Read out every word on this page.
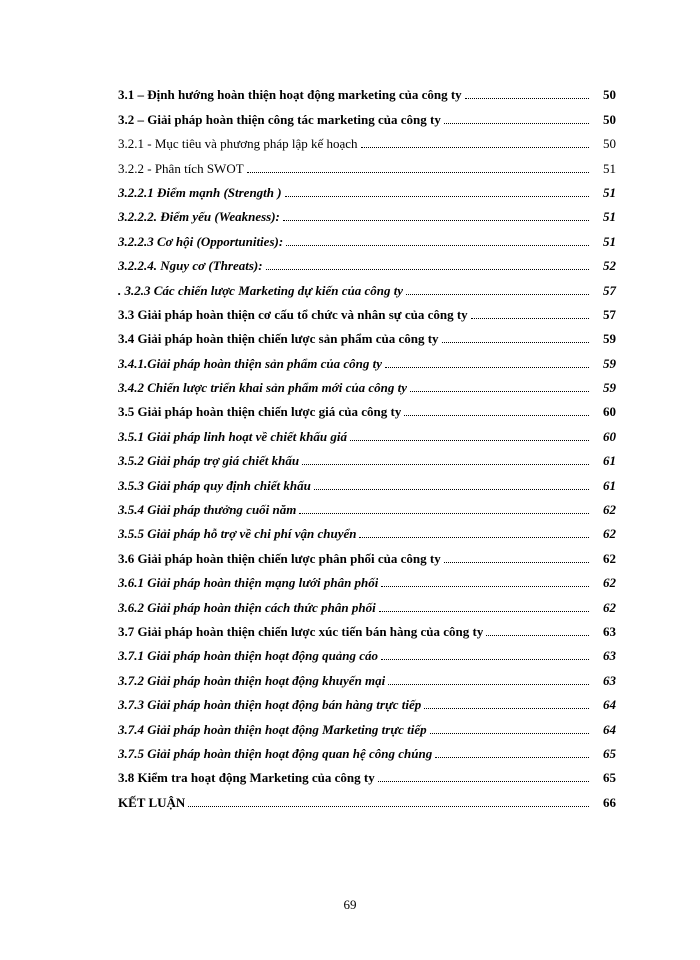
3.1 – Định hướng hoàn thiện hoạt động marketing của công ty	50
3.2 – Giải pháp hoàn thiện công tác marketing của công ty	50
3.2.1 - Mục tiêu và phương pháp lập kế hoạch	50
3.2.2 - Phân tích SWOT	51
3.2.2.1 Điểm mạnh (Strength )	51
3.2.2.2. Điểm yếu (Weakness):	51
3.2.2.3 Cơ hội (Opportunities):	51
3.2.2.4. Nguy cơ (Threats):	52
. 3.2.3 Các chiến lược Marketing dự kiến của công ty	57
3.3 Giải pháp hoàn thiện cơ cấu tổ chức và nhân sự của công ty	57
3.4 Giải pháp hoàn thiện chiến lược sản phẩm của công ty	59
3.4.1.Giải pháp hoàn thiện sản phẩm của công ty	59
3.4.2 Chiến lược triển khai sản phẩm mới của công ty	59
3.5 Giải pháp hoàn thiện chiến lược giá của công ty	60
3.5.1 Giải pháp linh hoạt về chiết khấu giá	60
3.5.2 Giải pháp trợ giá chiết khấu	61
3.5.3 Giải pháp quy định chiết khấu	61
3.5.4 Giải pháp thưởng cuối năm	62
3.5.5 Giải pháp hỗ trợ về chi phí vận chuyển	62
3.6 Giải pháp hoàn thiện chiến lược phân phối của công ty	62
3.6.1 Giải pháp hoàn thiện mạng lưới phân phối	62
3.6.2 Giải pháp hoàn thiện cách thức phân phối	62
3.7 Giải pháp hoàn thiện chiến lược xúc tiến bán hàng của công ty	63
3.7.1 Giải pháp hoàn thiện hoạt động quảng cáo	63
3.7.2 Giải pháp hoàn thiện hoạt động khuyến mại	63
3.7.3 Giải pháp hoàn thiện hoạt động bán hàng trực tiếp	64
3.7.4 Giải pháp hoàn thiện hoạt động Marketing trực tiếp	64
3.7.5 Giải pháp hoàn thiện hoạt động quan hệ công chúng	65
3.8 Kiểm tra hoạt động Marketing của công ty	65
KẾT LUẬN	66
69
